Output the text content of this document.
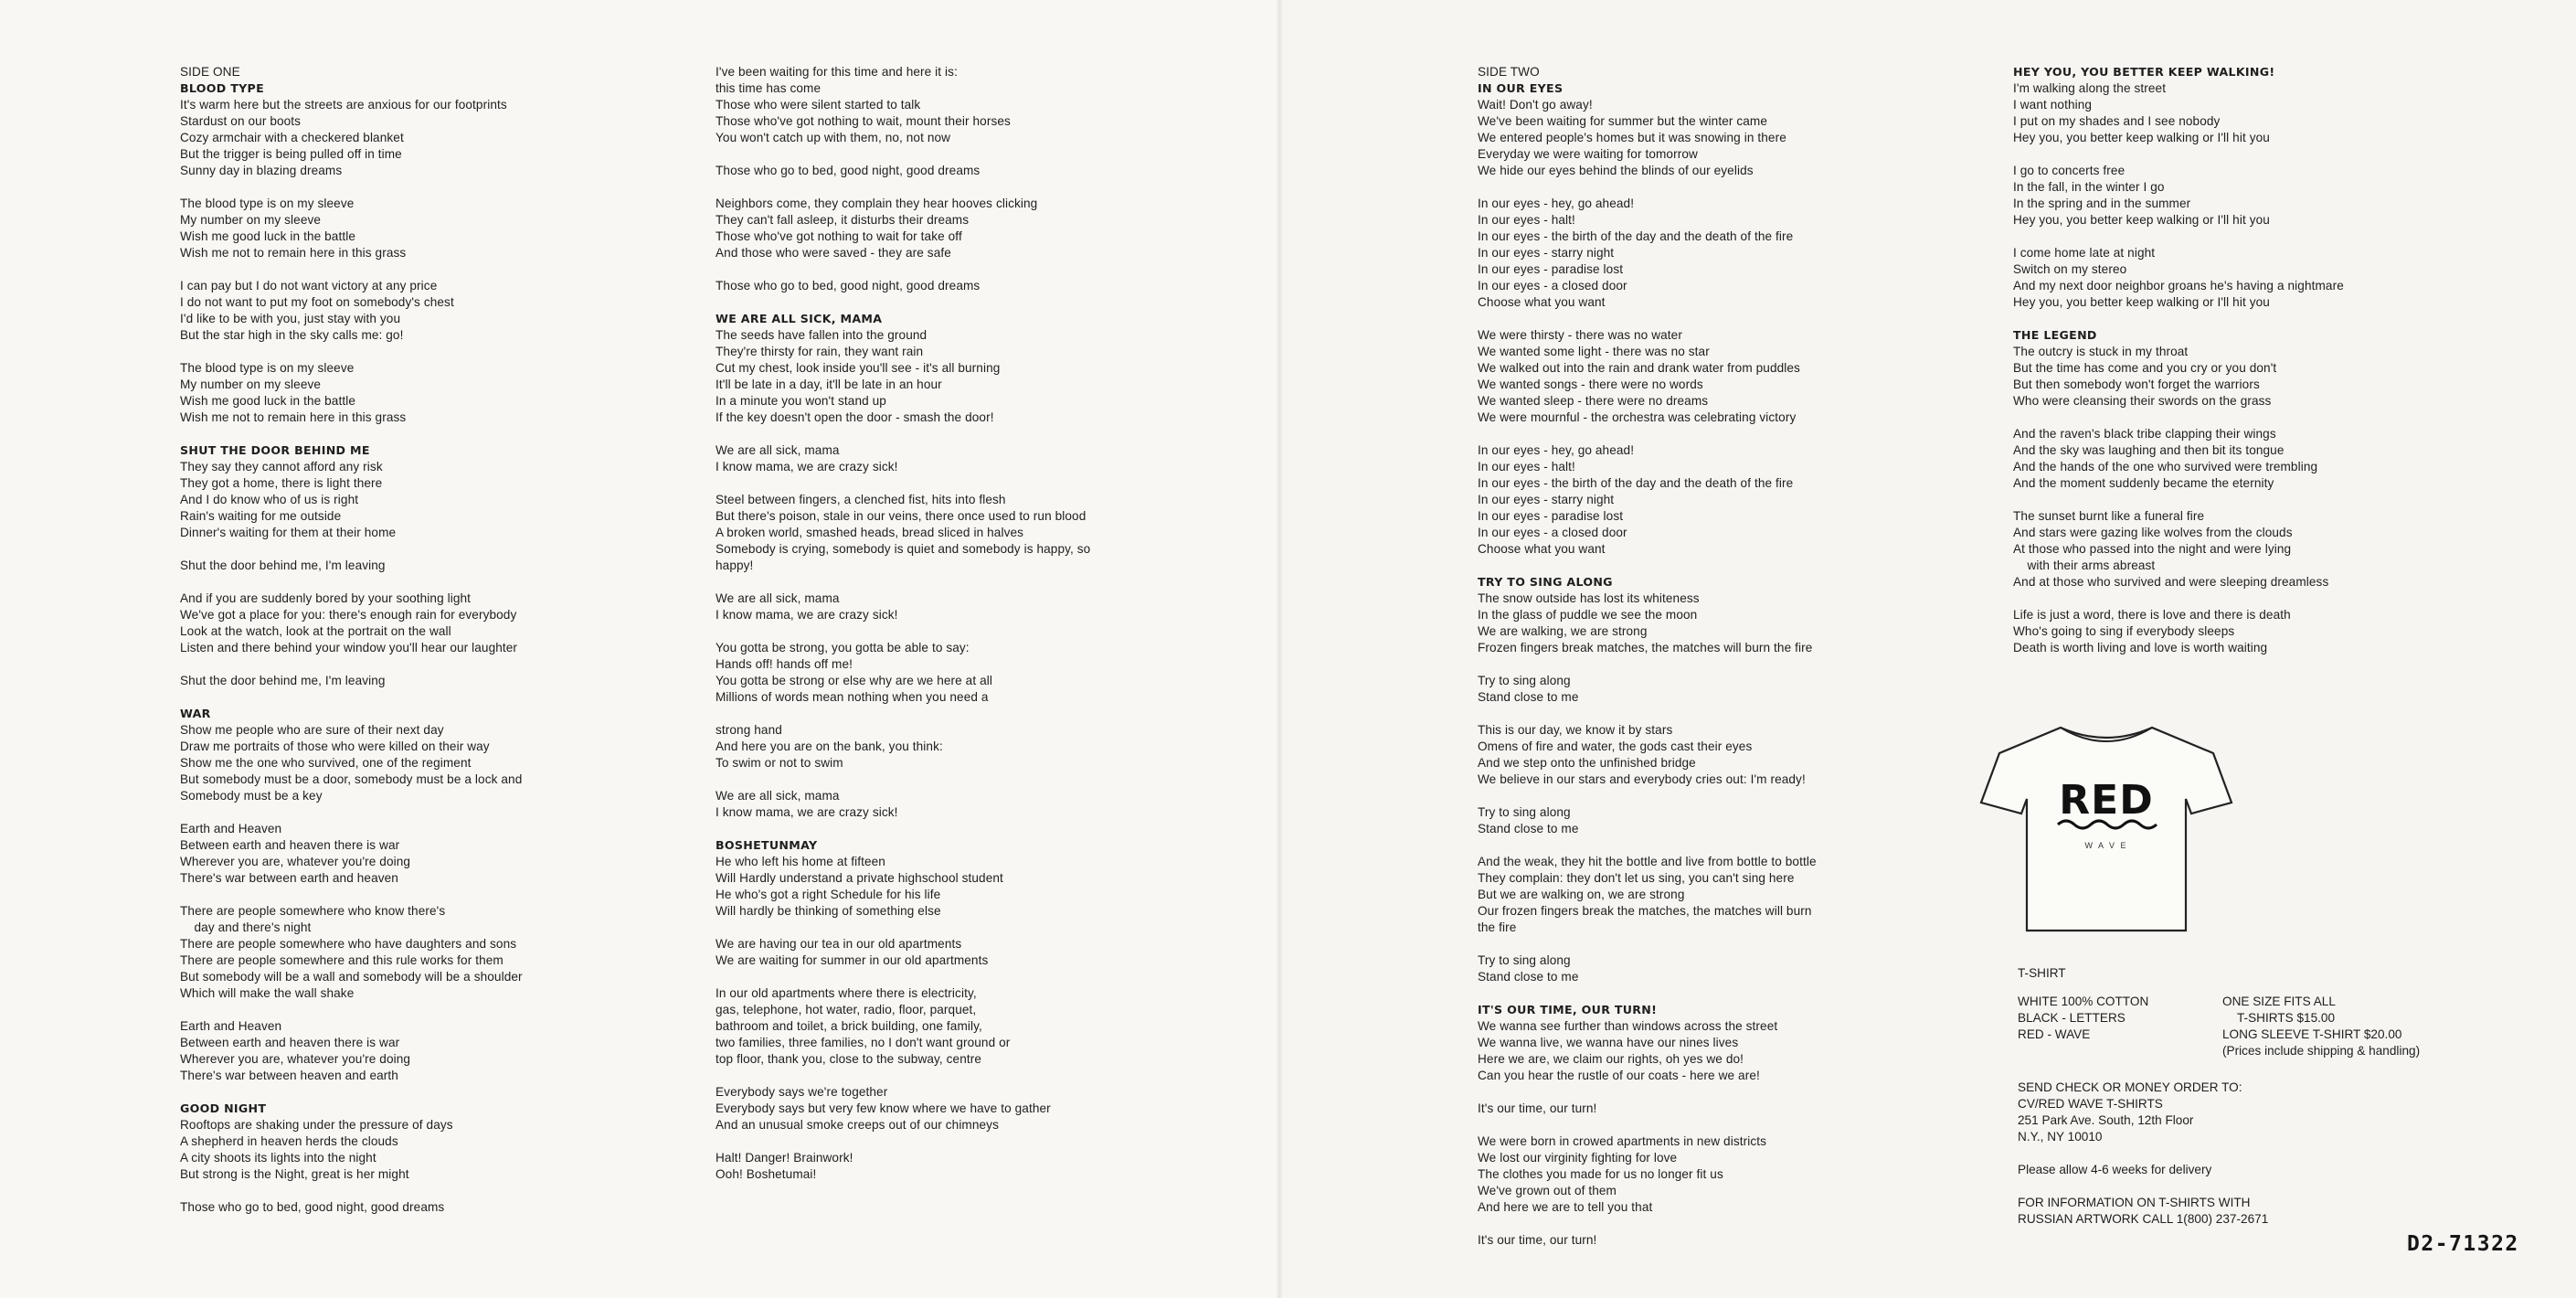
SIDE ONE
BLOOD TYPE
It's warm here but the streets are anxious for our footprints
Stardust on our boots
Cozy armchair with a checkered blanket
But the trigger is being pulled off in time
Sunny day in blazing dreams
The blood type is on my sleeve
My number on my sleeve
Wish me good luck in the battle
Wish me not to remain here in this grass
I can pay but I do not want victory at any price
I do not want to put my foot on somebody's chest
I'd like to be with you, just stay with you
But the star high in the sky calls me: go!
The blood type is on my sleeve
My number on my sleeve
Wish me good luck in the battle
Wish me not to remain here in this grass
SHUT THE DOOR BEHIND ME
They say they cannot afford any risk
They got a home, there is light there
And I do know who of us is right
Rain's waiting for me outside
Dinner's waiting for them at their home
Shut the door behind me, I'm leaving
And if you are suddenly bored by your soothing light
We've got a place for you: there's enough rain for everybody
Look at the watch, look at the portrait on the wall
Listen and there behind your window you'll hear our laughter
Shut the door behind me, I'm leaving
WAR
Show me people who are sure of their next day
Draw me portraits of those who were killed on their way
Show me the one who survived, one of the regiment
But somebody must be a door, somebody must be a lock and
Somebody must be a key
Earth and Heaven
Between earth and heaven there is war
Wherever you are, whatever you're doing
There's war between earth and heaven
There are people somewhere who know there's
day and there's night
There are people somewhere who have daughters and sons
There are people somewhere and this rule works for them
But somebody will be a wall and somebody will be a shoulder
Which will make the wall shake
Earth and Heaven
Between earth and heaven there is war
Wherever you are, whatever you're doing
There's war between heaven and earth
GOOD NIGHT
Rooftops are shaking under the pressure of days
A shepherd in heaven herds the clouds
A city shoots its lights into the night
But strong is the Night, great is her might
Those who go to bed, good night, good dreams
I've been waiting for this time and here it is:
this time has come
Those who were silent started to talk
Those who've got nothing to wait, mount their horses
You won't catch up with them, no, not now
Those who go to bed, good night, good dreams
Neighbors come, they complain they hear hooves clicking
They can't fall asleep, it disturbs their dreams
Those who've got nothing to wait for take off
And those who were saved - they are safe
Those who go to bed, good night, good dreams
WE ARE ALL SICK, MAMA
The seeds have fallen into the ground
They're thirsty for rain, they want rain
Cut my chest, look inside you'll see - it's all burning
It'll be late in a day, it'll be late in an hour
In a minute you won't stand up
If the key doesn't open the door - smash the door!
We are all sick, mama
I know mama, we are crazy sick!
Steel between fingers, a clenched fist, hits into flesh
But there's poison, stale in our veins, there once used to run blood
A broken world, smashed heads, bread sliced in halves
Somebody is crying, somebody is quiet and somebody is happy, so
happy!
We are all sick, mama
I know mama, we are crazy sick!
You gotta be strong, you gotta be able to say:
Hands off! hands off me!
You gotta be strong or else why are we here at all
Millions of words mean nothing when you need a
strong hand
And here you are on the bank, you think:
To swim or not to swim
We are all sick, mama
I know mama, we are crazy sick!
BOSHETUNMAY
He who left his home at fifteen
Will Hardly understand a private highschool student
He who's got a right Schedule for his life
Will hardly be thinking of something else
We are having our tea in our old apartments
We are waiting for summer in our old apartments
In our old apartments where there is electricity,
gas, telephone, hot water, radio, floor, parquet,
bathroom and toilet, a brick building, one family,
two families, three families, no I don't want ground or
top floor, thank you, close to the subway, centre
Everybody says we're together
Everybody says but very few know where we have to gather
And an unusual smoke creeps out of our chimneys
Halt! Danger! Brainwork!
Ooh! Boshetumai!
SIDE TWO
IN OUR EYES
Wait! Don't go away!
We've been waiting for summer but the winter came
We entered people's homes but it was snowing in there
Everyday we were waiting for tomorrow
We hide our eyes behind the blinds of our eyelids
In our eyes - hey, go ahead!
In our eyes - halt!
In our eyes - the birth of the day and the death of the fire
In our eyes - starry night
In our eyes - paradise lost
In our eyes - a closed door
Choose what you want
We were thirsty - there was no water
We wanted some light - there was no star
We walked out into the rain and drank water from puddles
We wanted songs - there were no words
We wanted sleep - there were no dreams
We were mournful - the orchestra was celebrating victory
In our eyes - hey, go ahead!
In our eyes - halt!
In our eyes - the birth of the day and the death of the fire
In our eyes - starry night
In our eyes - paradise lost
In our eyes - a closed door
Choose what you want
TRY TO SING ALONG
The snow outside has lost its whiteness
In the glass of puddle we see the moon
We are walking, we are strong
Frozen fingers break matches, the matches will burn the fire
Try to sing along
Stand close to me
This is our day, we know it by stars
Omens of fire and water, the gods cast their eyes
And we step onto the unfinished bridge
We believe in our stars and everybody cries out: I'm ready!
Try to sing along
Stand close to me
And the weak, they hit the bottle and live from bottle to bottle
They complain: they don't let us sing, you can't sing here
But we are walking on, we are strong
Our frozen fingers break the matches, the matches will burn
the fire
Try to sing along
Stand close to me
IT'S OUR TIME, OUR TURN!
We wanna see further than windows across the street
We wanna live, we wanna have our nines lives
Here we are, we claim our rights, oh yes we do!
Can you hear the rustle of our coats - here we are!
It's our time, our turn!
We were born in crowed apartments in new districts
We lost our virginity fighting for love
The clothes you made for us no longer fit us
We've grown out of them
And here we are to tell you that
It's our time, our turn!
HEY YOU, YOU BETTER KEEP WALKING!
I'm walking along the street
I want nothing
I put on my shades and I see nobody
Hey you, you better keep walking or I'll hit you
I go to concerts free
In the fall, in the winter I go
In the spring and in the summer
Hey you, you better keep walking or I'll hit you
I come home late at night
Switch on my stereo
And my next door neighbor groans he's having a nightmare
Hey you, you better keep walking or I'll hit you
THE LEGEND
The outcry is stuck in my throat
But the time has come and you cry or you don't
But then somebody won't forget the warriors
Who were cleansing their swords on the grass
And the raven's black tribe clapping their wings
And the sky was laughing and then bit its tongue
And the hands of the one who survived were trembling
And the moment suddenly became the eternity
The sunset burnt like a funeral fire
And stars were gazing like wolves from the clouds
At those who passed into the night and were lying
with their arms abreast
And at those who survived and were sleeping dreamless
Life is just a word, there is love and there is death
Who's going to sing if everybody sleeps
Death is worth living and love is worth waiting
RED
W A V E
T-SHIRT
WHITE 100% COTTON
BLACK - LETTERS
RED - WAVE
ONE SIZE FITS ALL
T-SHIRTS $15.00
LONG SLEEVE T-SHIRT $20.00
(Prices include shipping & handling)
SEND CHECK OR MONEY ORDER TO:
CV/RED WAVE T-SHIRTS
251 Park Ave. South, 12th Floor
N.Y., NY 10010
Please allow 4-6 weeks for delivery
FOR INFORMATION ON T-SHIRTS WITH
RUSSIAN ARTWORK CALL 1(800) 237-2671
D2-71322
